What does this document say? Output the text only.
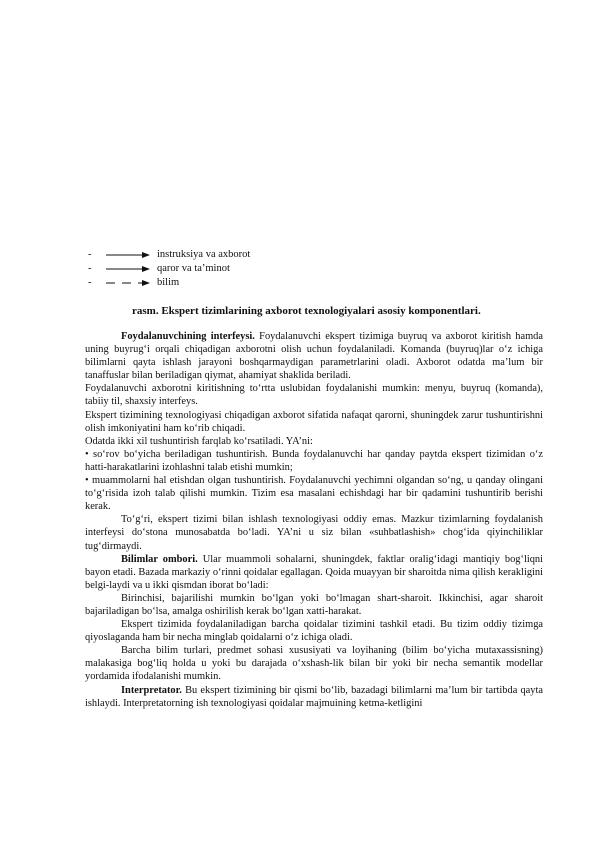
-	instruksiya va axborot
-	qaror va ta’minot
-	bilim
rasm. Ekspert tizimlarining axborot texnologiyalari asosiy komponentlari.

Foydalanuvchining interfeysi. Foydalanuvchi ekspert tizimiga buyruq va axborot kiritish hamda uning buyrug‘i orqali chiqadigan axborotni olish uchun foydalaniladi. Komanda (buyruq)lar o‘z ichiga bilimlarni qayta ishlash jarayoni boshqarmaydigan parametrlarini oladi. Axborot odatda ma’lum bir tanaffuslar bilan beriladigan qiymat, ahamiyat shaklida beriladi.

Foydalanuvchi axborotni kiritishning to‘rtta uslubidan foydalanishi mumkin: menyu, buyruq (komanda), tabiiy til, shaxsiy interfeys.

Ekspert tizimining texnologiyasi chiqadigan axborot sifatida nafaqat qarorni, shuningdek zarur tushuntirishni olish imkoniyatini ham ko‘rib chiqadi.

Odatda ikki xil tushuntirish farqlab ko‘rsatiladi. YA’ni:

• so‘rov bo‘yicha beriladigan tushuntirish. Bunda foydalanuvchi har qanday paytda ekspert tizimidan o‘z hatti-harakatlarini izohlashni talab etishi mumkin;

• muammolarni hal etishdan olgan tushuntirish. Foydalanuvchi yechimni olgandan so‘ng, u qanday olingani to‘g‘risida izoh talab qilishi mumkin. Tizim esa masalani echishdagi har bir qadamini tushuntirib berishi kerak.

To‘g‘ri, ekspert tizimi bilan ishlash texnologiyasi oddiy emas. Mazkur tizimlarning foydalanish interfeysi do‘stona munosabatda bo‘ladi. YA’ni u siz bilan «suhbatlashish» chog‘ida qiyinchiliklar tug‘dirmaydi.

Bilimlar ombori. Ular muammoli sohalarni, shuningdek, faktlar oralig‘idagi mantiqiy bog‘liqni bayon etadi. Bazada markaziy o‘rinni qoidalar egallagan. Qoida muayyan bir sharoitda nima qilish kerakligini belgi-laydi va u ikki qismdan iborat bo‘ladi:

Birinchisi, bajarilishi mumkin bo‘lgan yoki bo‘lmagan shart-sharoit. Ikkinchisi, agar sharoit bajariladigan bo‘lsa, amalga oshirilish kerak bo‘lgan xatti-harakat.

Ekspert tizimida foydalaniladigan barcha qoidalar tizimini tashkil etadi. Bu tizim oddiy tizimga qiyoslaganda ham bir necha minglab qoidalarni o‘z ichiga oladi.

Barcha bilim turlari, predmet sohasi xususiyati va loyihaning (bilim bo‘yicha mutaxassisning) malakasiga bog‘liq holda u yoki bu darajada o‘xshash-lik bilan bir yoki bir necha semantik modellar yordamida ifodalanishi mumkin.

Interpretator. Bu ekspert tizimining bir qismi bo‘lib, bazadagi bilimlarni ma’lum bir tartibda qayta ishlaydi. Interpretatorning ish texnologiyasi qoidalar majmuining ketma-ketligini
